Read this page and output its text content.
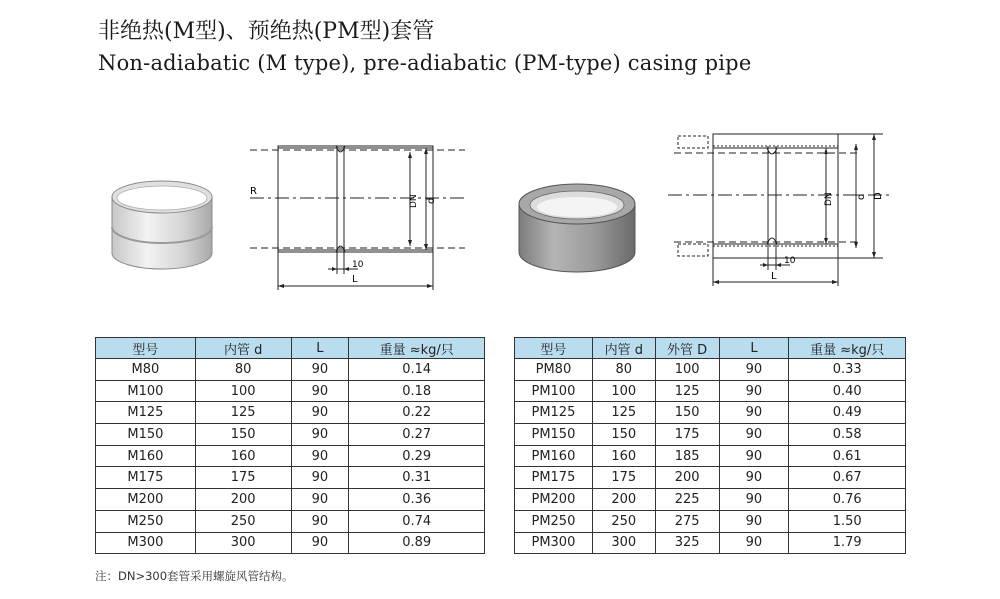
非绝热(M型)、预绝热(PM型)套管
Non-adiabatic (M type), pre-adiabatic (PM-type) casing pipe
R
10
L
DN d
10
L
DN d D
型号	内管 d	L	重量 ≈kg/只
M80	80	90	0.14
M100	100	90	0.18
M125	125	90	0.22
M150	150	90	0.27
M160	160	90	0.29
M175	175	90	0.31
M200	200	90	0.36
M250	250	90	0.74
M300	300	90	0.89
型号	内管 d	外管 D	L	重量 ≈kg/只
PM80	80	100	90	0.33
PM100	100	125	90	0.40
PM125	125	150	90	0.49
PM150	150	175	90	0.58
PM160	160	185	90	0.61
PM175	175	200	90	0.67
PM200	200	225	90	0.76
PM250	250	275	90	1.50
PM300	300	325	90	1.79
注：DN>300套管采用螺旋风管结构。
